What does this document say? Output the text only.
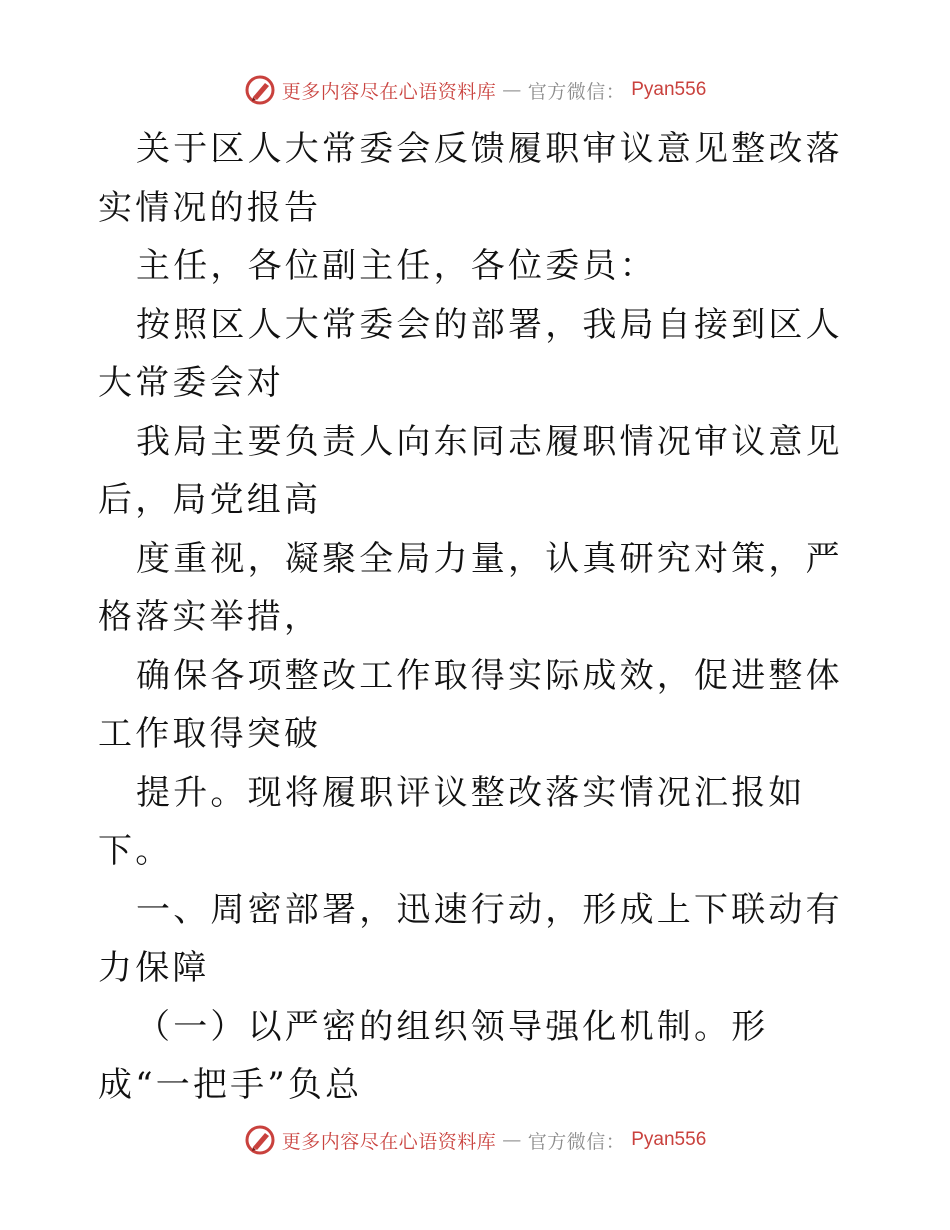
更多内容尽在心语资料库 — 官方微信： Pyan556

关于区人大常委会反馈履职审议意见整改落实情况的报告

主任，各位副主任，各位委员：

按照区人大常委会的部署，我局自接到区人大常委会对

我局主要负责人向东同志履职情况审议意见后，局党组高

度重视，凝聚全局力量，认真研究对策，严格落实举措，

确保各项整改工作取得实际成效，促进整体工作取得突破

提升。现将履职评议整改落实情况汇报如下。

一、周密部署，迅速行动，形成上下联动有力保障

（一）以严密的组织领导强化机制。形成“一把手”负总

更多内容尽在心语资料库 — 官方微信： Pyan556
